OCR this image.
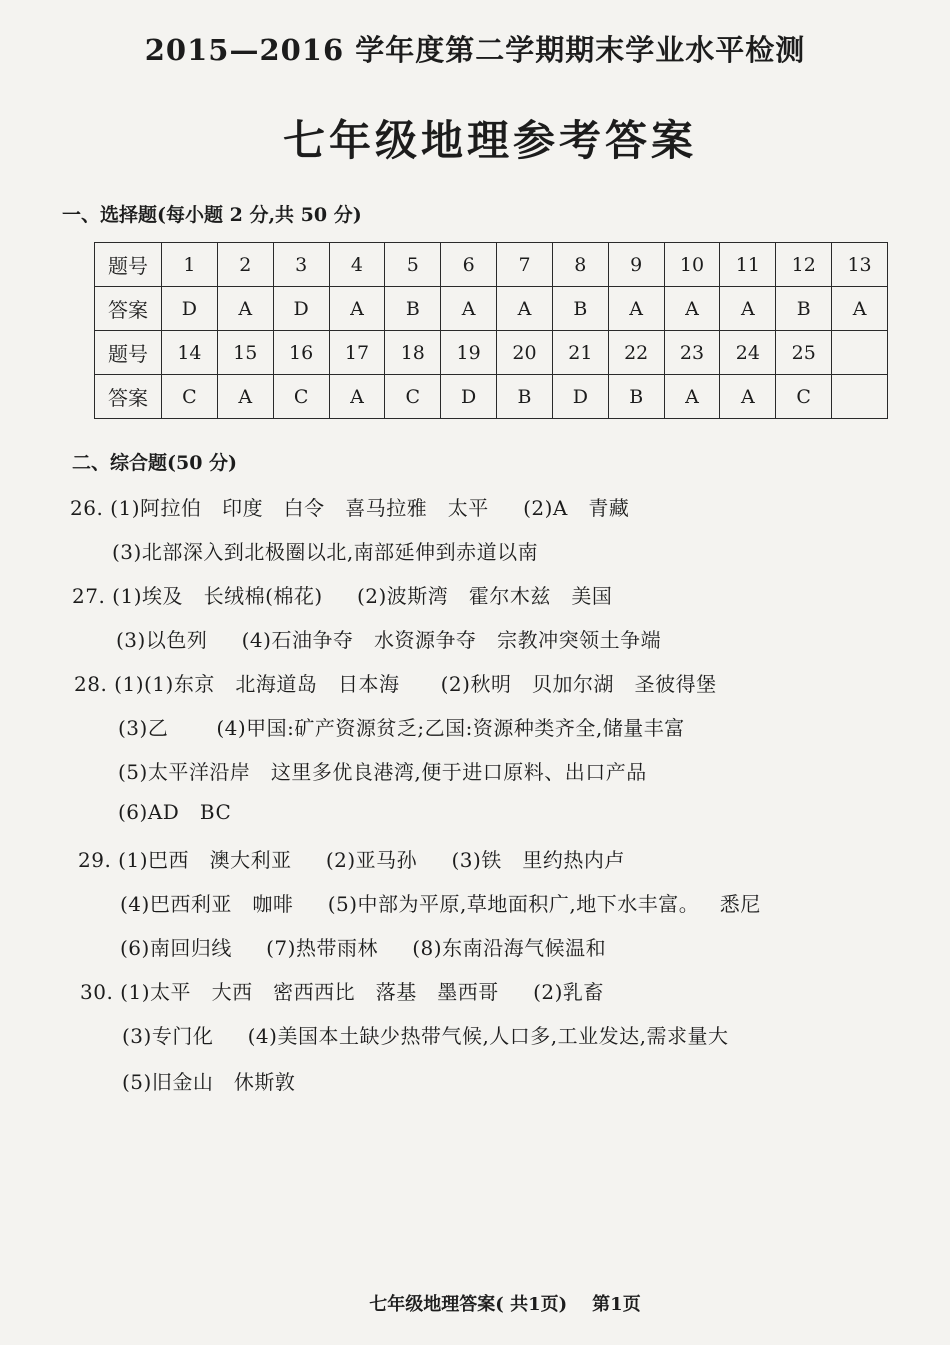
2015—2016 学年度第二学期期末学业水平检测
七年级地理参考答案
一、选择题(每小题 2 分,共 50 分)
题号	1	2	3	4	5	6	7	8	9	10	11	12	13
答案	D	A	D	A	B	A	A	B	A	A	A	B	A
题号	14	15	16	17	18	19	20	21	22	23	24	25	
答案	C	A	C	A	C	D	B	D	B	A	A	C	
二、综合题(50 分)
26. (1)阿拉伯   印度   白令   喜马拉雅   太平     (2)A   青藏
(3)北部深入到北极圈以北,南部延伸到赤道以南
27. (1)埃及   长绒棉(棉花)     (2)波斯湾   霍尔木兹   美国
(3)以色列     (4)石油争夺   水资源争夺   宗教冲突领土争端
28. (1)(1)东京   北海道岛   日本海      (2)秋明   贝加尔湖   圣彼得堡
(3)乙       (4)甲国:矿产资源贫乏;乙国:资源种类齐全,储量丰富
(5)太平洋沿岸   这里多优良港湾,便于进口原料、出口产品
(6)AD   BC
29. (1)巴西   澳大利亚     (2)亚马孙     (3)铁   里约热内卢
(4)巴西利亚   咖啡     (5)中部为平原,草地面积广,地下水丰富。   悉尼
(6)南回归线     (7)热带雨林     (8)东南沿海气候温和
30. (1)太平   大西   密西西比   落基   墨西哥     (2)乳畜
(3)专门化     (4)美国本土缺少热带气候,人口多,工业发达,需求量大
(5)旧金山   休斯敦
七年级地理答案( 共1页)    第1页
